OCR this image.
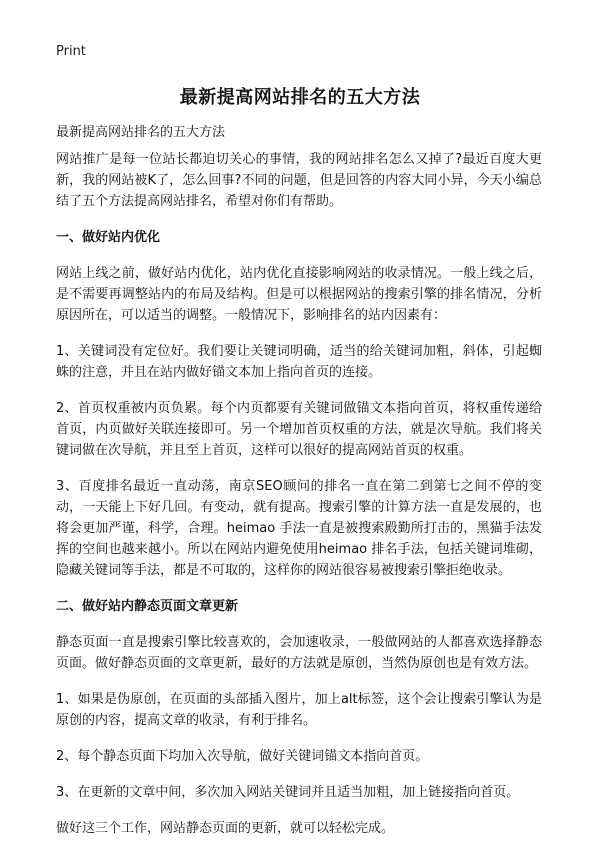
Print
最新提高网站排名的五大方法
最新提高网站排名的五大方法

网站推广是每一位站长都迫切关心的事情，我的网站排名怎么又掉了?最近百度大更新，我的网站被K了，怎么回事?不同的问题，但是回答的内容大同小异，今天小编总结了五个方法提高网站排名，希望对你们有帮助。

一、做好站内优化

网站上线之前，做好站内优化，站内优化直接影响网站的收录情况。一般上线之后，是不需要再调整站内的布局及结构。但是可以根据网站的搜索引擎的排名情况，分析原因所在，可以适当的调整。一般情况下，影响排名的站内因素有：

1、关键词没有定位好。我们要让关键词明确，适当的给关键词加粗，斜体，引起蜘蛛的注意，并且在站内做好锚文本加上指向首页的连接。

2、首页权重被内页负累。每个内页都要有关键词做锚文本指向首页，将权重传递给首页，内页做好关联连接即可。另一个增加首页权重的方法，就是次导航。我们将关键词做在次导航，并且至上首页，这样可以很好的提高网站首页的权重。

3、百度排名最近一直动荡，南京SEO顾问的排名一直在第二到第七之间不停的变动，一天能上下好几回。有变动，就有提高。搜索引擎的计算方法一直是发展的，也将会更加严谨，科学，合理。heimao 手法一直是被搜索殿勤所打击的，黑猫手法发挥的空间也越来越小。所以在网站内避免使用heimao 排名手法，包括关键词堆砌，隐藏关键词等手法，都是不可取的，这样你的网站很容易被搜索引擎拒绝收录。

二、做好站内静态页面文章更新

静态页面一直是搜索引擎比较喜欢的，会加速收录，一般做网站的人都喜欢选择静态页面。做好静态页面的文章更新，最好的方法就是原创，当然伪原创也是有效方法。

1、如果是伪原创，在页面的头部插入图片，加上alt标签，这个会让搜索引擎认为是原创的内容，提高文章的收录，有利于排名。

2、每个静态页面下均加入次导航，做好关键词锚文本指向首页。

3、在更新的文章中间，多次加入网站关键词并且适当加粗，加上链接指向首页。

做好这三个工作，网站静态页面的更新，就可以轻松完成。
